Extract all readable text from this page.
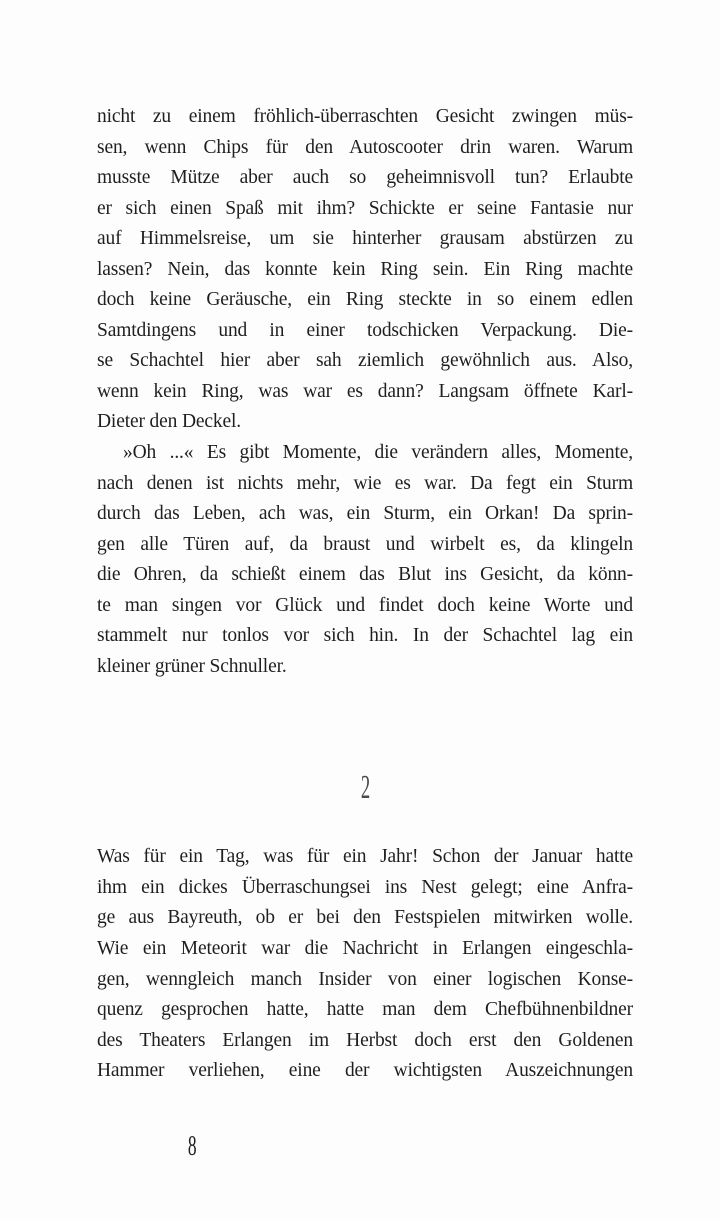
nicht zu einem fröhlich-überraschten Gesicht zwingen müs-
sen, wenn Chips für den Autoscooter drin waren. Warum
musste Mütze aber auch so geheimnisvoll tun? Erlaubte
er sich einen Spaß mit ihm? Schickte er seine Fantasie nur
auf Himmelsreise, um sie hinterher grausam abstürzen zu
lassen? Nein, das konnte kein Ring sein. Ein Ring machte
doch keine Geräusche, ein Ring steckte in so einem edlen
Samtdingens und in einer todschicken Verpackung. Die-
se Schachtel hier aber sah ziemlich gewöhnlich aus. Also,
wenn kein Ring, was war es dann? Langsam öffnete Karl-
Dieter den Deckel.
»Oh ...« Es gibt Momente, die verändern alles, Momente,
nach denen ist nichts mehr, wie es war. Da fegt ein Sturm
durch das Leben, ach was, ein Sturm, ein Orkan! Da sprin-
gen alle Türen auf, da braust und wirbelt es, da klingeln
die Ohren, da schießt einem das Blut ins Gesicht, da könn-
te man singen vor Glück und findet doch keine Worte und
stammelt nur tonlos vor sich hin. In der Schachtel lag ein
kleiner grüner Schnuller.
2
Was für ein Tag, was für ein Jahr! Schon der Januar hatte
ihm ein dickes Überraschungsei ins Nest gelegt; eine Anfra-
ge aus Bayreuth, ob er bei den Festspielen mitwirken wolle.
Wie ein Meteorit war die Nachricht in Erlangen eingeschla-
gen, wenngleich manch Insider von einer logischen Konse-
quenz gesprochen hatte, hatte man dem Chefbühnenbildner
des Theaters Erlangen im Herbst doch erst den Goldenen
Hammer verliehen, eine der wichtigsten Auszeichnungen
8
